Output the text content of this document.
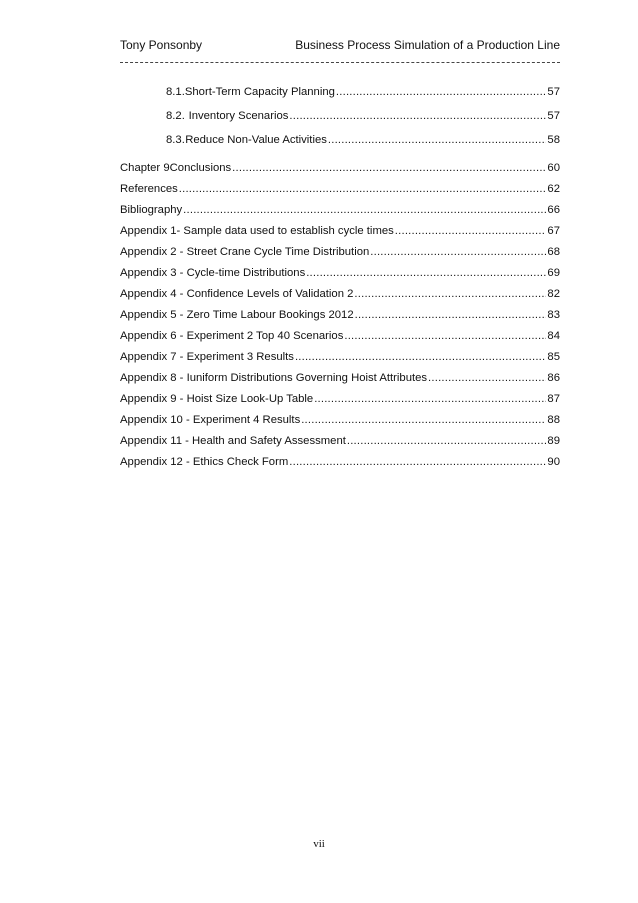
Tony Ponsonby	Business Process Simulation of a Production Line
8.1. Short-Term Capacity Planning .....	57
8.2. Inventory Scenarios .....	57
8.3. Reduce Non-Value Activities .....	58
Chapter 9 Conclusions .....	60
References .....	62
Bibliography .....	66
Appendix 1- Sample data used to establish cycle times .....	67
Appendix 2 - Street Crane Cycle Time Distribution .....	68
Appendix 3 - Cycle-time Distributions .....	69
Appendix 4 - Confidence Levels of Validation 2 .....	82
Appendix 5 - Zero Time Labour Bookings 2012 .....	83
Appendix 6 - Experiment 2 Top 40 Scenarios .....	84
Appendix 7 - Experiment 3 Results .....	85
Appendix 8 - Iuniform Distributions Governing Hoist Attributes .....	86
Appendix 9 - Hoist Size Look-Up Table .....	87
Appendix 10 - Experiment 4 Results .....	88
Appendix 11 - Health and Safety Assessment .....	89
Appendix 12 - Ethics Check Form .....	90
vii
